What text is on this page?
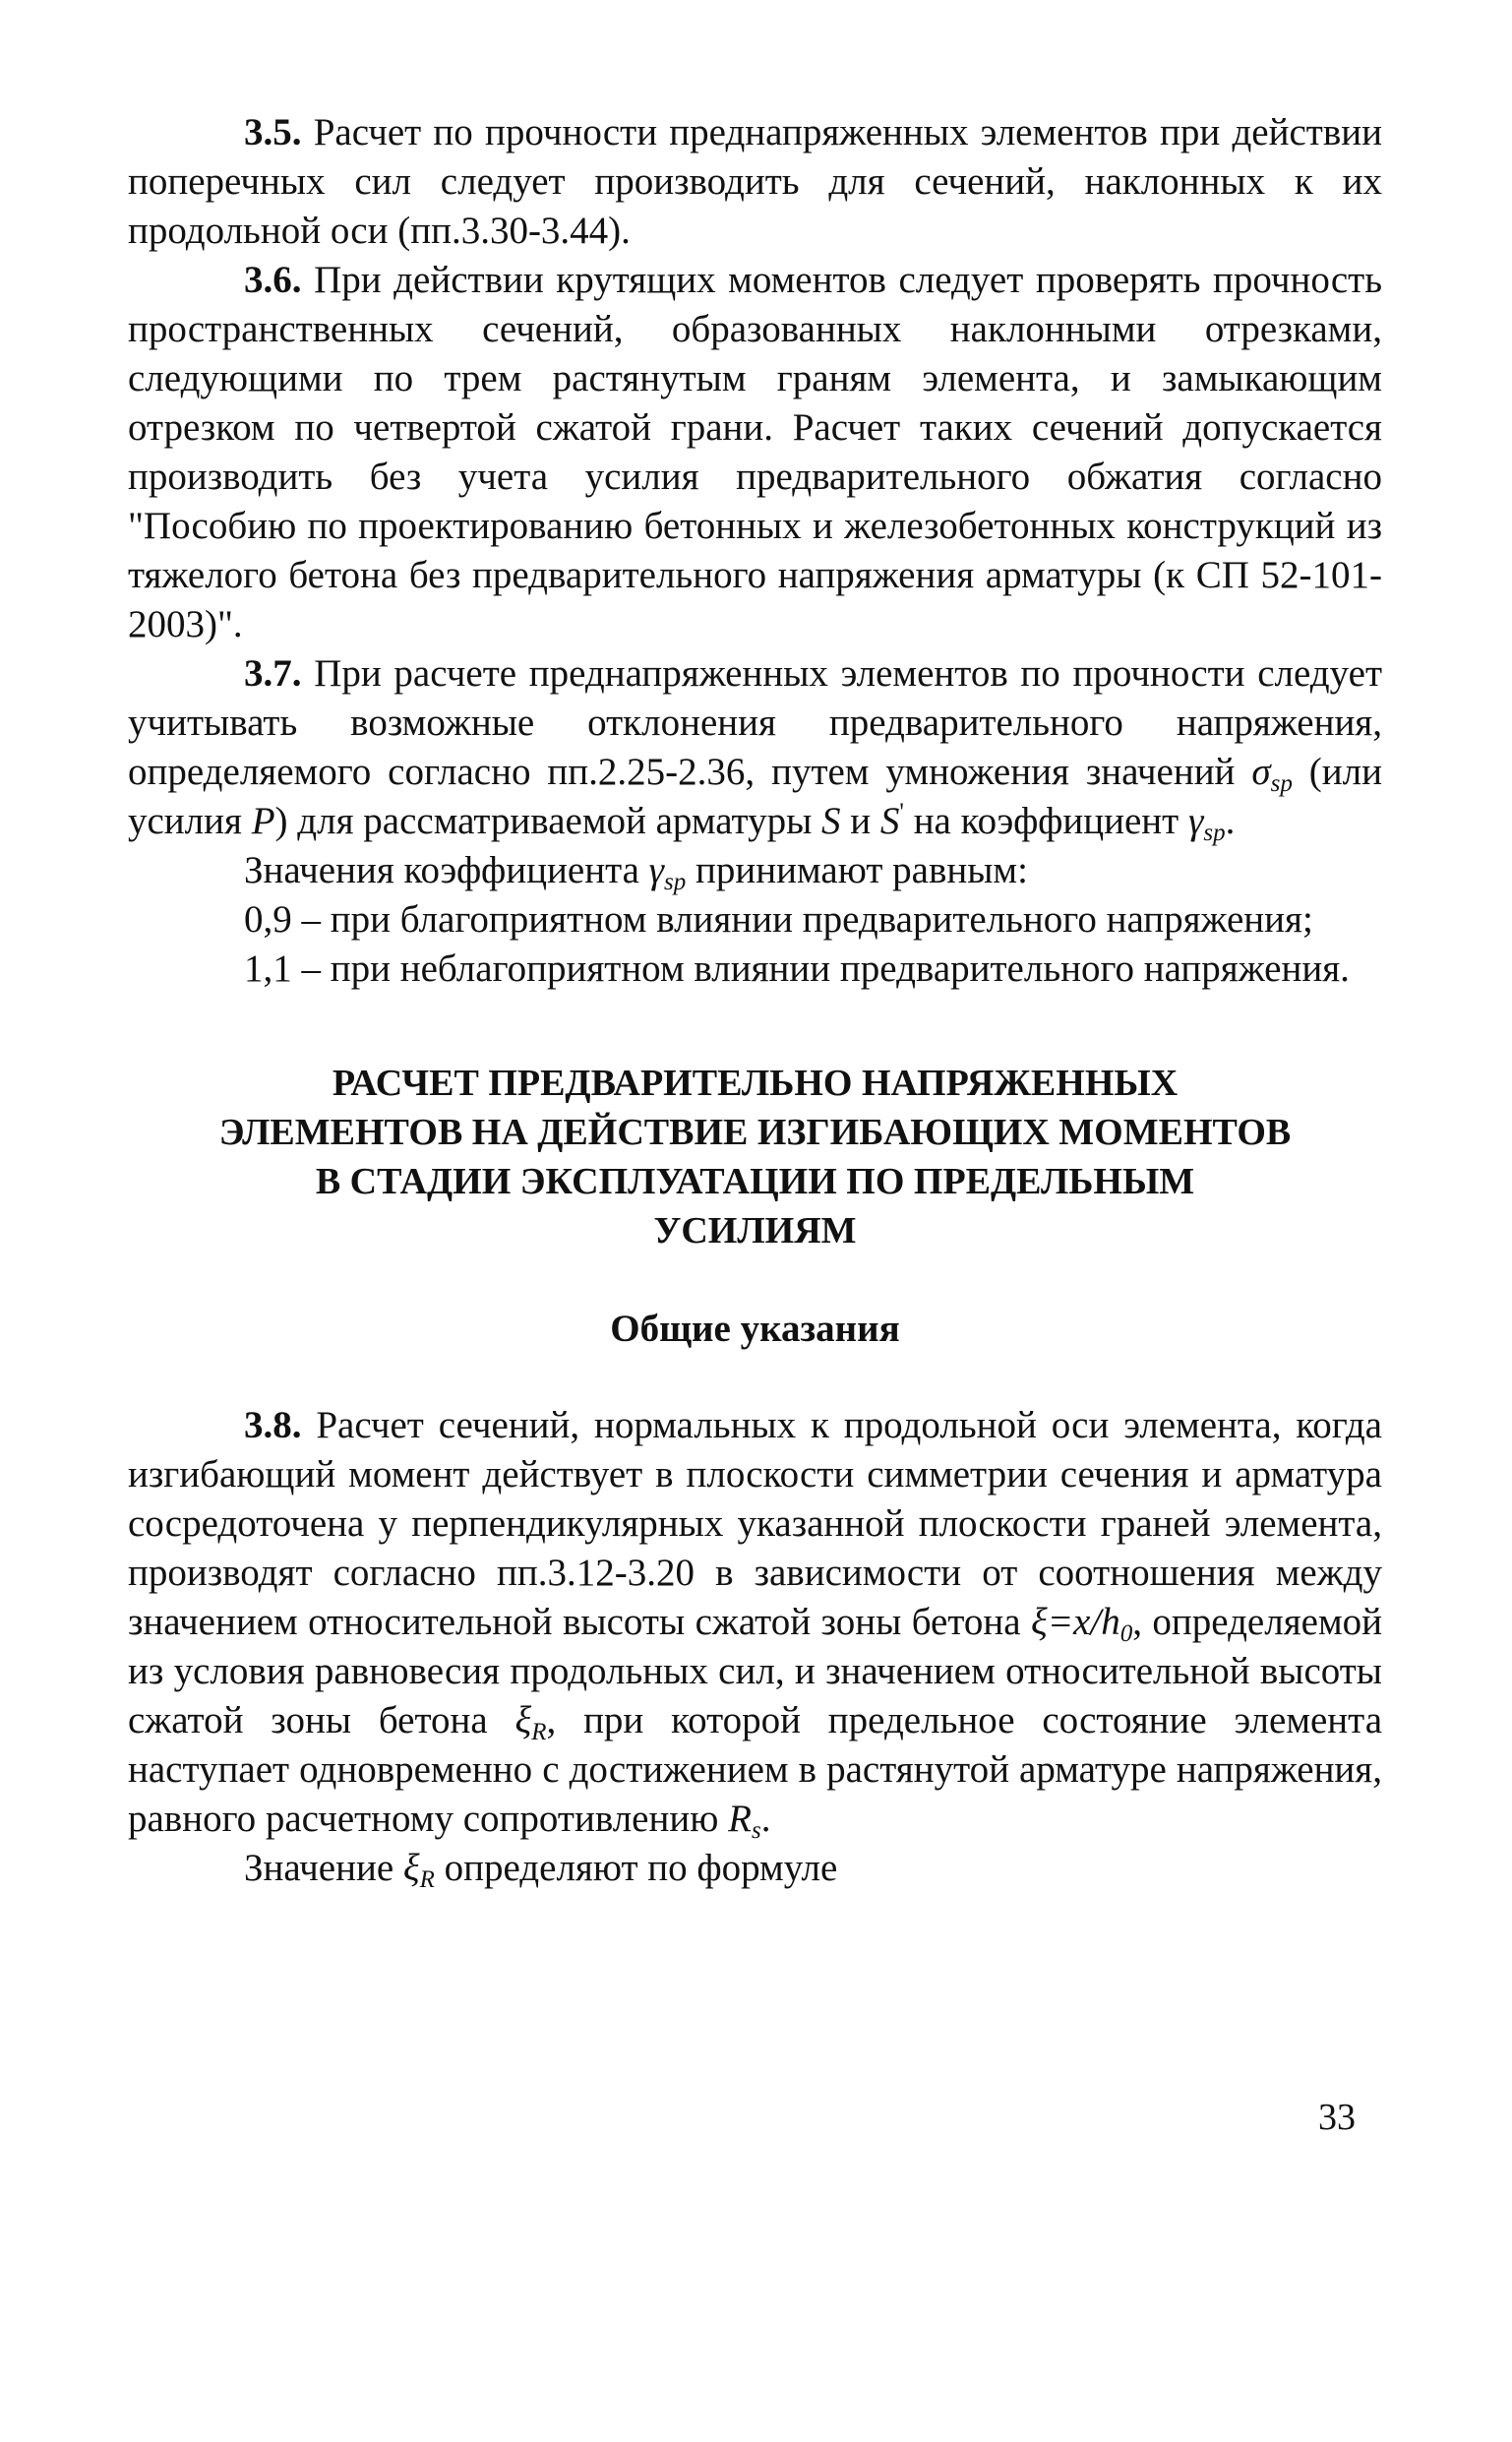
3.5. Расчет по прочности преднапряженных элементов при действии поперечных сил следует производить для сечений, наклонных к их продольной оси (пп.3.30-3.44).

3.6. При действии крутящих моментов следует проверять прочность пространственных сечений, образованных наклонными отрезками, следующими по трем растянутым граням элемента, и замыкающим отрезком по четвертой сжатой грани. Расчет таких сечений допускается производить без учета усилия предварительного обжатия согласно "Пособию по проектированию бетонных и железобетонных конструкций из тяжелого бетона без предварительного напряжения арматуры (к СП 52-101-2003)".

3.7. При расчете преднапряженных элементов по прочности следует учитывать возможные отклонения предварительного напряжения, определяемого согласно пп.2.25-2.36, путем умножения значений $\sigma_{sp}$ (или усилия P) для рассматриваемой арматуры S и S' на коэффициент $\gamma_{sp}$.

Значения коэффициента $\gamma_{sp}$ принимают равным:

0,9 – при благоприятном влиянии предварительного напряжения;

1,1 – при неблагоприятном влиянии предварительного напряжения.

РАСЧЕТ ПРЕДВАРИТЕЛЬНО НАПРЯЖЕННЫХ
ЭЛЕМЕНТОВ НА ДЕЙСТВИЕ ИЗГИБАЮЩИХ МОМЕНТОВ
В СТАДИИ ЭКСПЛУАТАЦИИ ПО ПРЕДЕЛЬНЫМ
УСИЛИЯМ
Общие указания

3.8. Расчет сечений, нормальных к продольной оси элемента, когда изгибающий момент действует в плоскости симметрии сечения и арматура сосредоточена у перпендикулярных указанной плоскости граней элемента, производят согласно пп.3.12-3.20 в зависимости от соотношения между значением относительной высоты сжатой зоны бетона $\xi=x/h_0$, определяемой из условия равновесия продольных сил, и значением относительной высоты сжатой зоны бетона $\xi_R$, при которой предельное состояние элемента наступает одновременно с достижением в растянутой арматуре напряжения, равного расчетному сопротивлению $R_s$.

Значение $\xi_R$ определяют по формуле

33
